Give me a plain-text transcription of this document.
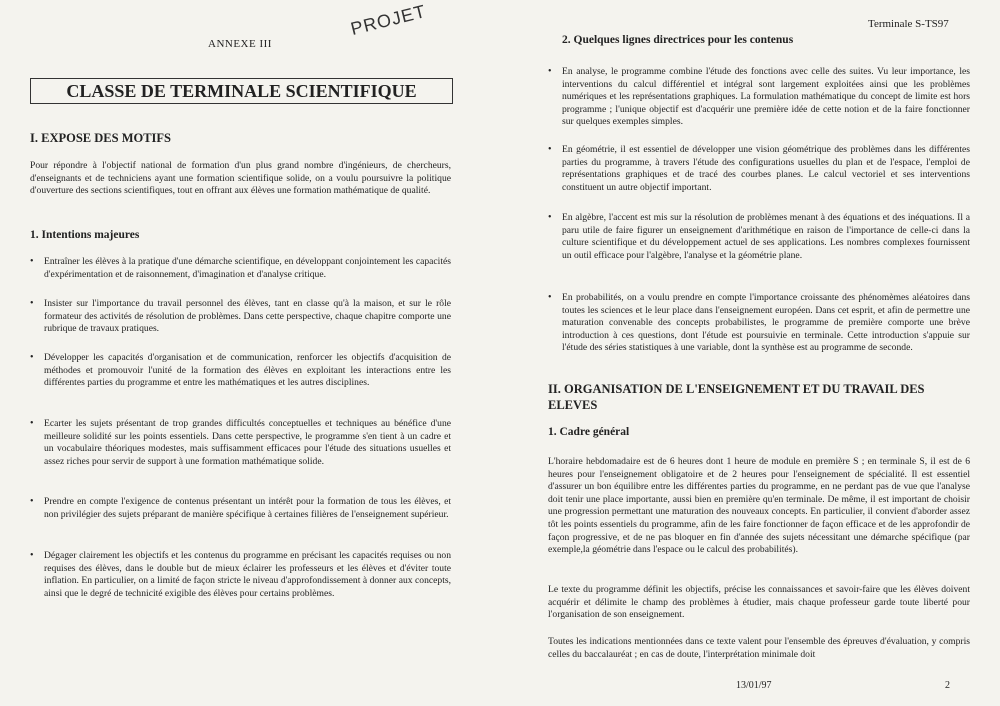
ANNEXE III
PROJET	Terminale S-TS97
CLASSE DE TERMINALE SCIENTIFIQUE
I. EXPOSE DES MOTIFS
Pour répondre à l'objectif national de formation d'un plus grand nombre d'ingénieurs, de chercheurs, d'enseignants et de techniciens ayant une formation scientifique solide, on a voulu poursuivre la politique d'ouverture des sections scientifiques, tout en offrant aux élèves une formation mathématique de qualité.
1. Intentions majeures
• Entraîner les élèves à la pratique d'une démarche scientifique, en développant conjointement les capacités d'expérimentation et de raisonnement, d'imagination et d'analyse critique.
• Insister sur l'importance du travail personnel des élèves, tant en classe qu'à la maison, et sur le rôle formateur des activités de résolution de problèmes. Dans cette perspective, chaque chapitre comporte une rubrique de travaux pratiques.
• Développer les capacités d'organisation et de communication, renforcer les objectifs d'acquisition de méthodes et promouvoir l'unité de la formation des élèves en exploitant les interactions entre les différentes parties du programme et entre les mathématiques et les autres disciplines.
• Ecarter les sujets présentant de trop grandes difficultés conceptuelles et techniques au bénéfice d'une meilleure solidité sur les points essentiels. Dans cette perspective, le programme s'en tient à un cadre et un vocabulaire théoriques modestes, mais suffisamment efficaces pour l'étude des situations usuelles et assez riches pour servir de support à une formation mathématique solide.
• Prendre en compte l'exigence de contenus présentant un intérêt pour la formation de tous les élèves, et non privilégier des sujets préparant de manière spécifique à certaines filières de l'enseignement supérieur.
• Dégager clairement les objectifs et les contenus du programme en précisant les capacités requises ou non requises des élèves, dans le double but de mieux éclairer les professeurs et les élèves et d'éviter toute inflation. En particulier, on a limité de façon stricte le niveau d'approfondissement à donner aux concepts, ainsi que le degré de technicité exigible des élèves pour certains problèmes.
2. Quelques lignes directrices pour les contenus
• En analyse, le programme combine l'étude des fonctions avec celle des suites. Vu leur importance, les interventions du calcul différentiel et intégral sont largement exploitées ainsi que les problèmes numériques et les représentations graphiques. La formulation mathématique du concept de limite est hors programme ; l'unique objectif est d'acquérir une première idée de cette notion et de la faire fonctionner sur quelques exemples simples.
• En géométrie, il est essentiel de développer une vision géométrique des problèmes dans les différentes parties du programme, à travers l'étude des configurations usuelles du plan et de l'espace, l'emploi de représentations graphiques et de tracé des courbes planes. Le calcul vectoriel et ses interventions constituent un autre objectif important.
• En algèbre, l'accent est mis sur la résolution de problèmes menant à des équations et des inéquations. Il a paru utile de faire figurer un enseignement d'arithmétique en raison de l'importance de celle-ci dans la culture scientifique et du développement actuel de ses applications. Les nombres complexes fournissent un outil efficace pour l'algèbre, l'analyse et la géométrie plane.
• En probabilités, on a voulu prendre en compte l'importance croissante des phénomèmes aléatoires dans toutes les sciences et le leur place dans l'enseignement européen. Dans cet esprit, et afin de permettre une maturation convenable des concepts probabilistes, le programme de première comporte une brève introduction à ces questions, dont l'étude est poursuivie en terminale. Cette introduction s'appuie sur l'étude des séries statistiques à une variable, dont la synthèse est au programme de seconde.
II. ORGANISATION DE L'ENSEIGNEMENT ET DU TRAVAIL DES ELEVES
1. Cadre général
L'horaire hebdomadaire est de 6 heures dont 1 heure de module en première S ; en terminale S, il est de 6 heures pour l'enseignement obligatoire et de 2 heures pour l'enseignement de spécialité. Il est essentiel d'assurer un bon équilibre entre les différentes parties du programme, en ne perdant pas de vue que l'analyse doit tenir une place importante, aussi bien en première qu'en terminale. De même, il est important de choisir une progression permettant une maturation des nouveaux concepts. En particulier, il convient d'aborder assez tôt les points essentiels du programme, afin de les faire fonctionner de façon efficace et de les approfondir de façon progressive, et de ne pas bloquer en fin d'année des sujets nécessitant une démarche spécifique (par exemple,la géométrie dans l'espace ou le calcul des probabilités).
Le texte du programme définit les objectifs, précise les connaissances et savoir-faire que les élèves doivent acquérir et délimite le champ des problèmes à étudier, mais chaque professeur garde toute liberté pour l'organisation de son enseignement.
Toutes les indications mentionnées dans ce texte valent pour l'ensemble des épreuves d'évaluation, y compris celles du baccalauréat ; en cas de doute, l'interprétation minimale doit
13/01/97	2
